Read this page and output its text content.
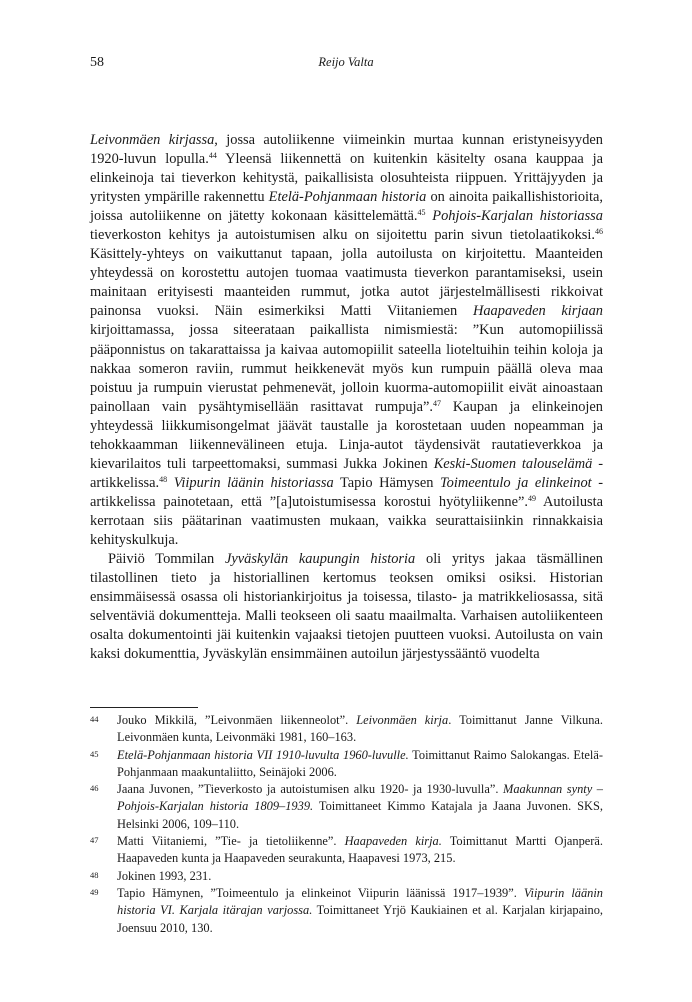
58	Reijo Valta

Leivonmäen kirjassa, jossa autoliikenne viimeinkin murtaa kunnan eristyneisyyden 1920-luvun lopulla.$^{44}$ Yleensä liikennettä on kuitenkin käsitelty osana kauppaa ja elinkeinoja tai tieverkon kehitystä, paikallisista olosuhteista riippuen. Yrittäjyyden ja yritysten ympärille rakennettu Etelä-Pohjanmaan historia on ainoita paikallishistorioita, joissa autoliikenne on jätetty kokonaan käsittelemättä.$^{45}$ Pohjois-Karjalan historiassa tieverkoston kehitys ja autoistumisen alku on sijoitettu parin sivun tietolaatikoksi.$^{46}$ Käsittely-yhteys on vaikuttanut tapaan, jolla autoilusta on kirjoitettu. Maanteiden yhteydessä on korostettu autojen tuomaa vaatimusta tieverkon parantamiseksi, usein mainitaan erityisesti maanteiden rummut, jotka autot järjestelmällisesti rikkoivat painonsa vuoksi. Näin esimerkiksi Matti Viitaniemen Haapaveden kirjaan kirjoittamassa, jossa siteerataan paikallista nimismiestä: ”Kun automopiilissä pääponnistus on takarattaissa ja kaivaa automopiilit sateella lioteltuihin teihin koloja ja nakkaa someron raviin, rummut heikkenevät myös kun rumpuin päällä oleva maa poistuu ja rumpuin vierustat pehmenevät, jolloin kuorma-automopiilit eivät ainoastaan painollaan vain pysähtymisellään rasittavat rumpuja”.$^{47}$ Kaupan ja elinkeinojen yhteydessä liikkumisongelmat jäävät taustalle ja korostetaan uuden nopeamman ja tehokkaamman liikennevälineen etuja. Linja-autot täydensivät rautatieverkkoa ja kievarilaitos tuli tarpeettomaksi, summasi Jukka Jokinen Keski-Suomen talouselämä -artikkelissa.$^{48}$ Viipurin läänin historiassa Tapio Hämysen Toimeentulo ja elinkeinot -artikkelissa painotetaan, että ”[a]utoistumisessa korostui hyötyliikenne”.$^{49}$ Autoilusta kerrotaan siis päätarinan vaatimusten mukaan, vaikka seurattaisiinkin rinnakkaisia kehityskulkuja.

Päiviö Tommilan Jyväskylän kaupungin historia oli yritys jakaa täsmällinen tilastollinen tieto ja historiallinen kertomus teoksen omiksi osiksi. Historian ensimmäisessä osassa oli historiankirjoitus ja toisessa, tilasto- ja matrikkeliosassa, sitä selventäviä dokumentteja. Malli teokseen oli saatu maailmalta. Varhaisen autoliikenteen osalta dokumentointi jäi kuitenkin vajaaksi tietojen puutteen vuoksi. Autoilusta on vain kaksi dokumenttia, Jyväskylän ensimmäinen autoilun järjestyssääntö vuodelta

44	Jouko Mikkilä, ”Leivonmäen liikenneolot”. Leivonmäen kirja. Toimittanut Janne Vilkuna. Leivonmäen kunta, Leivonmäki 1981, 160–163.
45	Etelä-Pohjanmaan historia VII 1910-luvulta 1960-luvulle. Toimittanut Raimo Salokangas. Etelä-Pohjanmaan maakuntaliitto, Seinäjoki 2006.
46	Jaana Juvonen, ”Tieverkosto ja autoistumisen alku 1920- ja 1930-luvulla”. Maakunnan synty – Pohjois-Karjalan historia 1809–1939. Toimittaneet Kimmo Katajala ja Jaana Juvonen. SKS, Helsinki 2006, 109–110.
47	Matti Viitaniemi, ”Tie- ja tietoliikenne”. Haapaveden kirja. Toimittanut Martti Ojanperä. Haapaveden kunta ja Haapaveden seurakunta, Haapavesi 1973, 215.
48	Jokinen 1993, 231.
49	Tapio Hämynen, ”Toimeentulo ja elinkeinot Viipurin läänissä 1917–1939”. Viipurin läänin historia VI. Karjala itärajan varjossa. Toimittaneet Yrjö Kaukiainen et al. Karjalan kirjapaino, Joensuu 2010, 130.
